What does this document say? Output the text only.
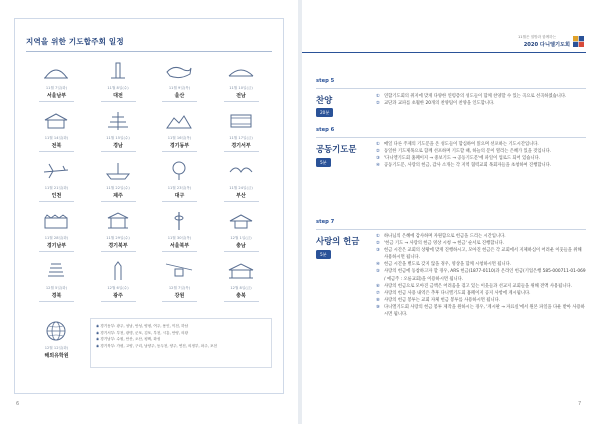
지역을 위한 기도합주회 일정
11월 7일(화)
서울남부
11월 8일(수)
대전
11월 9일(목)
울산
11월 10일(금)
전남
11월 14일(화)
전북
11월 15일(수)
경남
11월 16일(목)
경기동부
11월 17일(금)
경기서부
11월 21일(화)
인천
11월 22일(수)
제주
11월 23일(목)
대구
11월 24일(금)
부산
11월 28일(화)
경기남부
11월 29일(수)
경기북부
11월 30일(목)
서울북부
12월 1일(금)
충남
12월 5일(화)
경북
12월 6일(수)
광주
12월 7일(목)
강원
12월 8일(금)
충북
12월 12일(화)
해외유학원
◉ 경기동부: 광주, 성남, 안성, 양평, 여주, 용인, 이천, 하남
◉ 경기서부: 부천, 광명, 군포, 김포, 부천, 시흥, 안양, 의왕
◉ 경기남부: 수원, 안산, 오산, 평택, 화성
◉ 경기북부: 가평, 고양, 구리, 남양주, 동두천, 양주, 연천, 의정부, 파주, 포천
6
11월은 열방과 함께하는
2020 다니엘기도회
step 5
찬양
20분
① 연합기도회의 취지에 맞게 다양한 연령층의 성도들이 함께 찬양할 수 있는 곡으로 선곡하였습니다.
② 교단과 교파를 초월한 20개의 찬양팀이 찬양을 인도합니다.
step 6
공동기도문
5분
① 매일 다른 주제의 기도문을 온 성도들이 합심하여 읽으며 선포하는 기도시간입니다.
② 동일한 기도제목으로 함께 선포하며 기도할 때, 하늘의 문이 열리는 은혜가 있을 것입니다.
③ '다니엘기도회 홈페이지 → 중보기도 → 공동기도문'에 파일이 업로드 되어 있습니다.
④ 공동기도문, 사랑의 헌금, 감사 소개는 각 지역 협력교회 목회자들을 초청하여 진행합니다.
step 7
사랑의 헌금
5분
① 하나님의 은혜에 감사하며 자원함으로 헌금을 드리는 시간입니다.
② '헌금 기도 → 사랑의 헌금 영상 시청 → 헌금' 순서로 진행합니다.
③ 헌금 시간은 교회의 상황에 맞게 진행하시고, 모아진 헌금은 각 교회에서 지체하심이 어려운 이웃들을 위해 사용하시면 됩니다.
④ 헌금 시간을 별도로 갖지 않을 경우, 영상을 함께 시청하시면 됩니다.
⑤ 사랑의 헌금에 동참하고자 할 경우, ARS 헌금(1877-0110)과 온라인 헌금(기업은행 585-000711-01-069 / 예금주 : 오륜교회)을 이용하시면 됩니다.
⑥ 사랑의 헌금으로 모아진 금액은 어려움을 겪고 있는 이웃들과 선교지 교회들을 위해 전액 사용됩니다.
⑦ 사랑의 헌금 사용 내역은 추후 다니엘기도회 홈페이지 공지 사항에 게시됩니다.
⑧ 사랑의 헌금 봉투는 교회 자체 헌금 봉투를 사용하시면 됩니다.
⑨ 다니엘기도회 사랑의 헌금 봉투 제작을 원하시는 경우, '게시판 → 자료실'에서 원본 파일을 다운 받아 사용하시면 됩니다.
7
